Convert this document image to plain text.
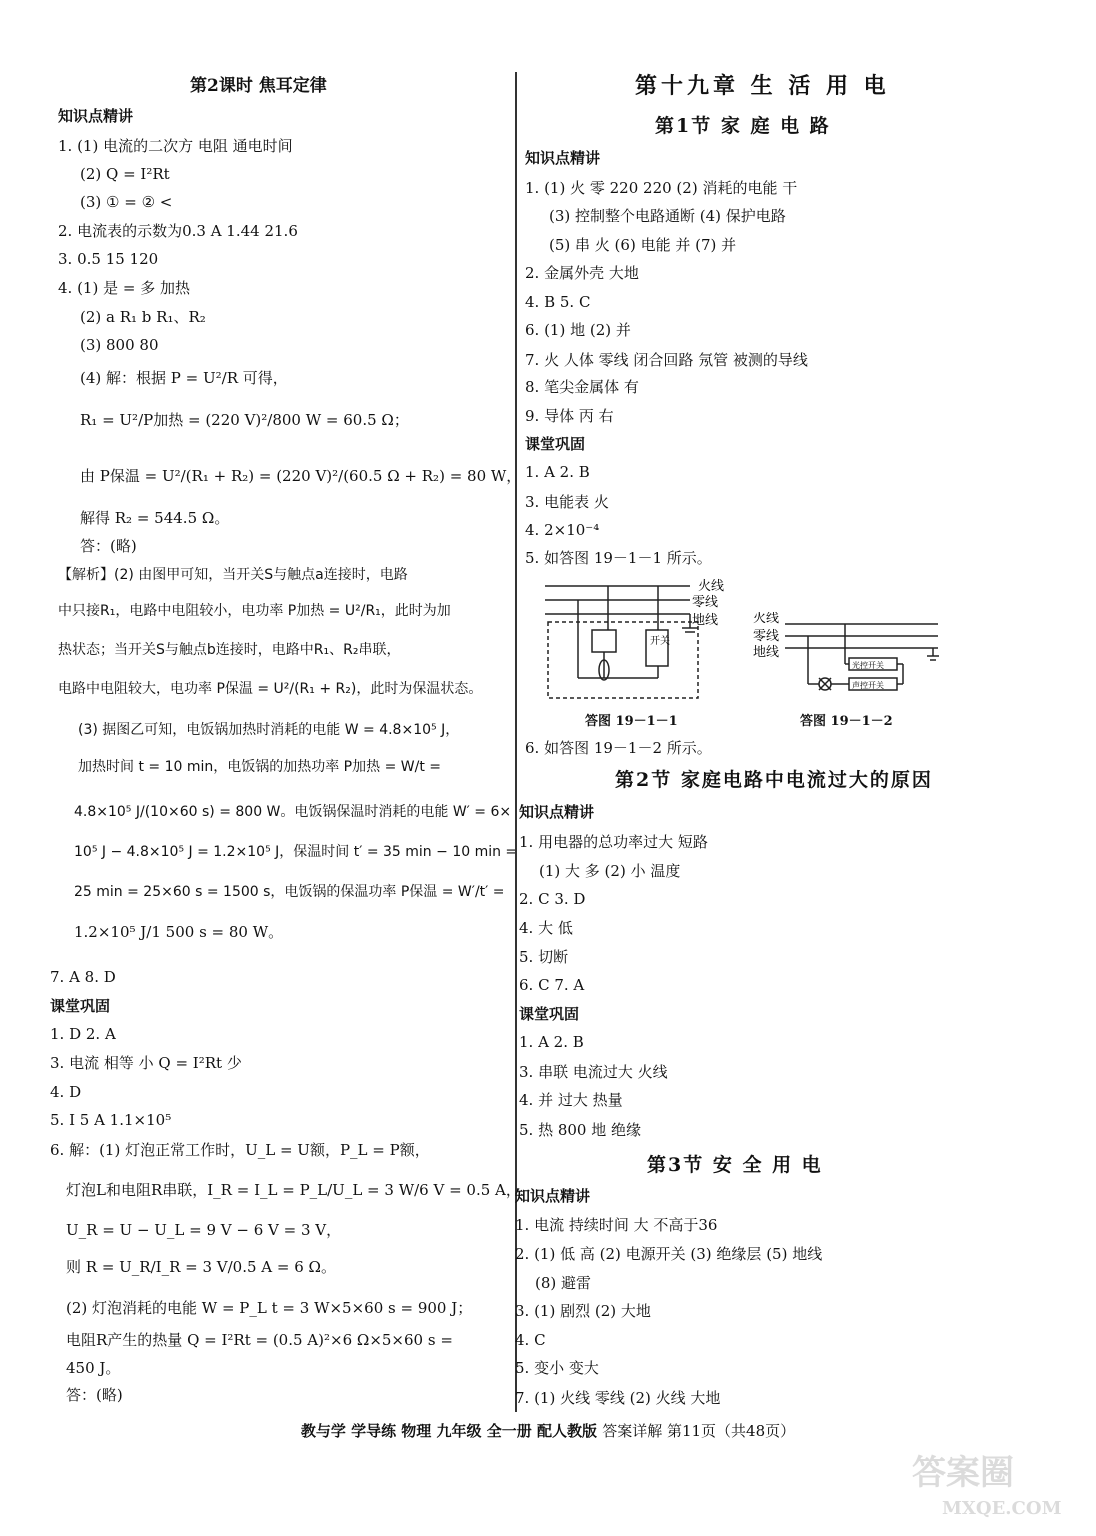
第2课时 焦耳定律
知识点精讲
1. (1) 电流的二次方 电阻 通电时间
(2) Q = I²Rt
(3) ① = ② <
2. 电流表的示数为0.3 A 1.44 21.6
3. 0.5 15 120
4. (1) 是 = 多 加热
(2) a R₁ b R₁、R₂
(3) 800 80
(4) 解：根据 P = U²/R 可得，
R₁ = U²/P加热 = (220 V)²/800 W = 60.5 Ω；
由 P保温 = U²/(R₁ + R₂) = (220 V)²/(60.5 Ω + R₂) = 80 W，
解得 R₂ = 544.5 Ω。
答：(略)
【解析】(2) 由图甲可知，当开关S与触点a连接时，电路
中只接R₁，电路中电阻较小，电功率 P加热 = U²/R₁，此时为加
热状态；当开关S与触点b连接时，电路中R₁、R₂串联，
电路中电阻较大，电功率 P保温 = U²/(R₁ + R₂)，此时为保温状态。
(3) 据图乙可知，电饭锅加热时消耗的电能 W = 4.8×10⁵ J，
加热时间 t = 10 min，电饭锅的加热功率 P加热 = W/t =
4.8×10⁵ J/(10×60 s) = 800 W。电饭锅保温时消耗的电能 W′ = 6×
10⁵ J − 4.8×10⁵ J = 1.2×10⁵ J，保温时间 t′ = 35 min − 10 min =
25 min = 25×60 s = 1500 s，电饭锅的保温功率 P保温 = W′/t′ =
1.2×10⁵ J/1 500 s = 80 W。
7. A 8. D
课堂巩固
1. D 2. A
3. 电流 相等 小 Q = I²Rt 少
4. D
5. I 5 A 1.1×10⁵
6. 解：(1) 灯泡正常工作时，U_L = U额，P_L = P额，
灯泡L和电阻R串联，I_R = I_L = P_L/U_L = 3 W/6 V = 0.5 A，
U_R = U − U_L = 9 V − 6 V = 3 V，
则 R = U_R/I_R = 3 V/0.5 A = 6 Ω。
(2) 灯泡消耗的电能 W = P_L t = 3 W×5×60 s = 900 J；
电阻R产生的热量 Q = I²Rt = (0.5 A)²×6 Ω×5×60 s =
450 J。
答：(略)
第十九章 生 活 用 电
第1节 家 庭 电 路
知识点精讲
1. (1) 火 零 220 220 (2) 消耗的电能 干
(3) 控制整个电路通断 (4) 保护电路
(5) 串 火 (6) 电能 并 (7) 并
2. 金属外壳 大地
4. B 5. C
6. (1) 地 (2) 并
7. 火 人体 零线 闭合回路 氖管 被测的导线
8. 笔尖金属体 有
9. 导体 丙 右
课堂巩固
1. A 2. B
3. 电能表 火
4. 2×10⁻⁴
5. 如答图 19－1－1 所示。
火线
零线
地线
开关
答图 19－1－1
火线
零线
地线
光控开关
声控开关
答图 19－1－2
6. 如答图 19－1－2 所示。
第2节 家庭电路中电流过大的原因
知识点精讲
1. 用电器的总功率过大 短路
(1) 大 多 (2) 小 温度
2. C 3. D
4. 大 低
5. 切断
6. C 7. A
课堂巩固
1. A 2. B
3. 串联 电流过大 火线
4. 并 过大 热量
5. 热 800 地 绝缘
第3节 安 全 用 电
知识点精讲
1. 电流 持续时间 大 不高于36
2. (1) 低 高 (2) 电源开关 (3) 绝缘层 (5) 地线
(8) 避雷
3. (1) 剧烈 (2) 大地
4. C
5. 变小 变大
7. (1) 火线 零线 (2) 火线 大地
教与学 学导练 物理 九年级 全一册 配人教版 答案详解 第11页（共48页）
答案圈
MXQE.COM
